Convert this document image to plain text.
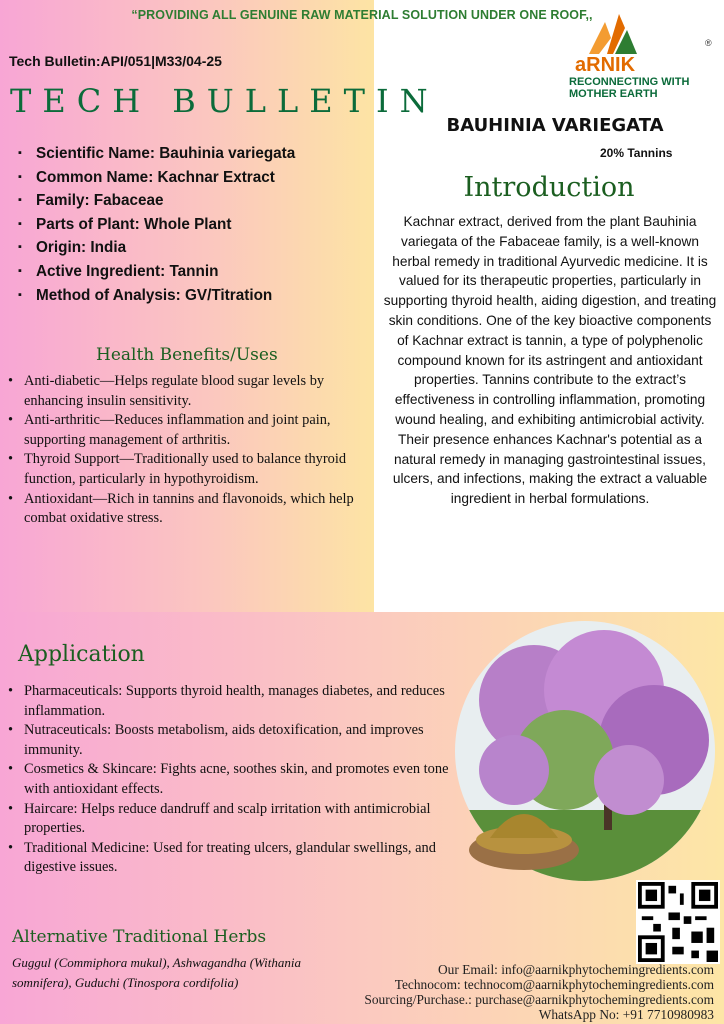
“PROVIDING ALL GENUINE RAW MATERIAL SOLUTION UNDER ONE ROOF,,
Tech Bulletin:API/051|M33/04-25
TECH BULLETIN
aRNIK
®
RECONNECTING WITH
MOTHER EARTH
BAUHINIA VARIEGATA
20% Tannins
▪ Scientific Name: Bauhinia variegata
▪ Common Name: Kachnar Extract
▪ Family: Fabaceae
▪ Parts of Plant: Whole Plant
▪ Origin: India
▪ Active Ingredient: Tannin
▪ Method of Analysis: GV/Titration
Introduction
Kachnar extract, derived from the plant Bauhinia variegata of the Fabaceae family, is a well-known herbal remedy in traditional Ayurvedic medicine. It is valued for its therapeutic properties, particularly in supporting thyroid health, aiding digestion, and treating skin conditions. One of the key bioactive components of Kachnar extract is tannin, a type of polyphenolic compound known for its astringent and antioxidant properties. Tannins contribute to the extract’s effectiveness in controlling inflammation, promoting wound healing, and exhibiting antimicrobial activity. Their presence enhances Kachnar's potential as a natural remedy in managing gastrointestinal issues, ulcers, and infections, making the extract a valuable ingredient in herbal formulations.
Health Benefits/Uses
• Anti-diabetic—Helps regulate blood sugar levels by enhancing insulin sensitivity.
• Anti-arthritic—Reduces inflammation and joint pain, supporting management of arthritis.
• Thyroid Support—Traditionally used to balance thyroid function, particularly in hypothyroidism.
• Antioxidant—Rich in tannins and flavonoids, which help combat oxidative stress.
Application
• Pharmaceuticals: Supports thyroid health, manages diabetes, and reduces inflammation.
• Nutraceuticals: Boosts metabolism, aids detoxification, and improves immunity.
• Cosmetics & Skincare: Fights acne, soothes skin, and promotes even tone with antioxidant effects.
• Haircare: Helps reduce dandruff and scalp irritation with antimicrobial properties.
• Traditional Medicine: Used for treating ulcers, glandular swellings, and digestive issues.
Alternative Traditional Herbs
Guggul (Commiphora mukul), Ashwagandha (Withania somnifera), Guduchi (Tinospora cordifolia)
Our Email: info@aarnikphytochemingredients.com
Technocom: technocom@aarnikphytochemingredients.com
Sourcing/Purchase.: purchase@aarnikphytochemingredients.com
WhatsApp No: +91 7710980983
